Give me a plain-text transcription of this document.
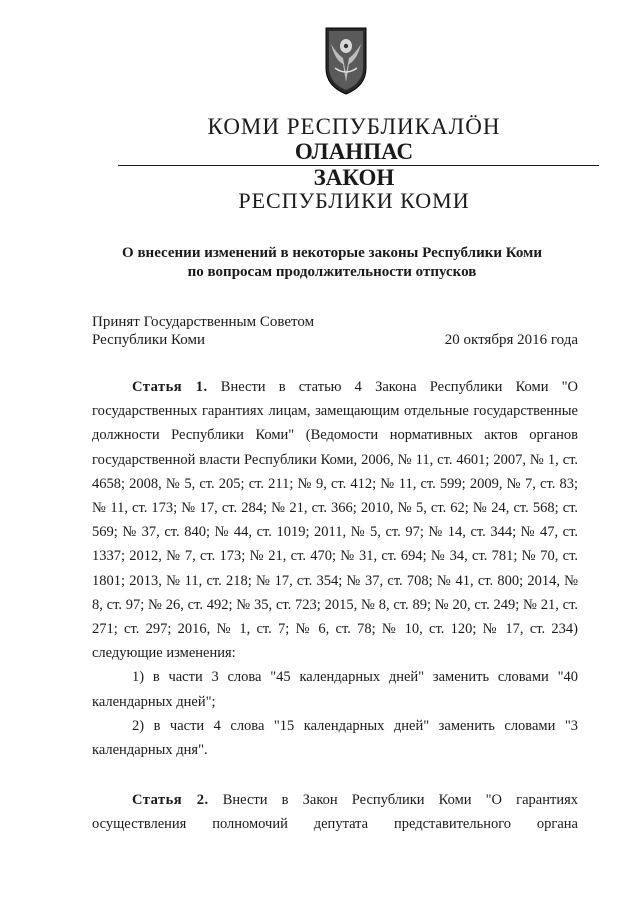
КОМИ РЕСПУБЛИКАЛÖН
ОЛАНПАС
ЗАКОН
РЕСПУБЛИКИ КОМИ
О внесении изменений в некоторые законы Республики Коми
по вопросам продолжительности отпусков
Принят Государственным Советом
Республики Коми	20 октября 2016 года

Статья 1. Внести в статью 4 Закона Республики Коми "О государственных гарантиях лицам, замещающим отдельные государственные должности Республики Коми" (Ведомости нормативных актов органов государственной власти Республики Коми, 2006, № 11, ст. 4601; 2007, № 1, ст. 4658; 2008, № 5, ст. 205; ст. 211; № 9, ст. 412; № 11, ст. 599; 2009, № 7, ст. 83; № 11, ст. 173; № 17, ст. 284; № 21, ст. 366; 2010, № 5, ст. 62; № 24, ст. 568; ст. 569; № 37, ст. 840; № 44, ст. 1019; 2011, № 5, ст. 97; № 14, ст. 344; № 47, ст. 1337; 2012, № 7, ст. 173; № 21, ст. 470; № 31, ст. 694; № 34, ст. 781; № 70, ст. 1801; 2013, № 11, ст. 218; № 17, ст. 354; № 37, ст. 708; № 41, ст. 800; 2014, № 8, ст. 97; № 26, ст. 492; № 35, ст. 723; 2015, № 8, ст. 89; № 20, ст. 249; № 21, ст. 271; ст. 297; 2016, № 1, ст. 7; № 6, ст. 78; № 10, ст. 120; № 17, ст. 234) следующие изменения:

1) в части 3 слова "45 календарных дней" заменить словами "40 календарных дней";

2) в части 4 слова "15 календарных дней" заменить словами "3 календарных дня".

Статья 2. Внести в Закон Республики Коми "О гарантиях
осуществления полномочий депутата представительного органа
